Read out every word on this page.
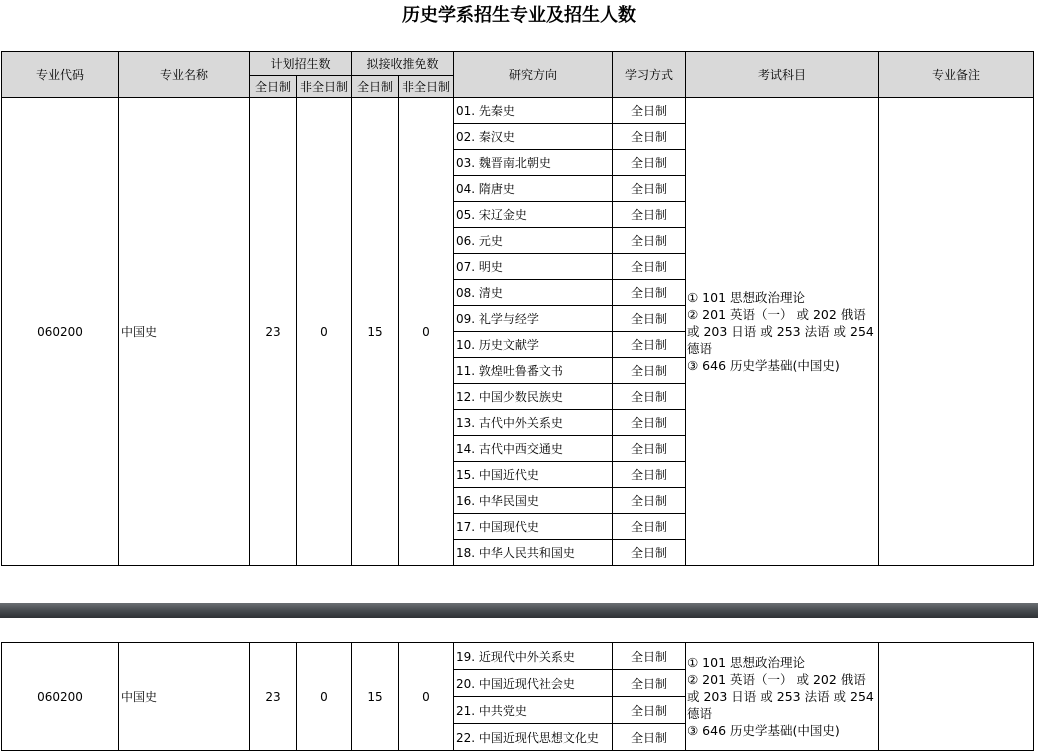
历史学系招生专业及招生人数
专业代码	专业名称	计划招生数		拟接收推免数		研究方向	学习方式	考试科目	专业备注
		全日制	非全日制	全日制	非全日制				
060200	中国史	23	0	15	0	01. 先秦史	全日制	① 101 思想政治理论
② 201 英语（一） 或 202 俄语 或 203 日语 或 253 法语 或 254 德语
③ 646 历史学基础(中国史)	

						02. 秦汉史	全日制		
						03. 魏晋南北朝史	全日制		
						04. 隋唐史	全日制		
						05. 宋辽金史	全日制		
						06. 元史	全日制		
						07. 明史	全日制		
						08. 清史	全日制		
						09. 礼学与经学	全日制		
						10. 历史文献学	全日制		
						11. 敦煌吐鲁番文书	全日制		
						12. 中国少数民族史	全日制		
						13. 古代中外关系史	全日制		
						14. 古代中西交通史	全日制		
						15. 中国近代史	全日制		
						16. 中华民国史	全日制		
						17. 中国现代史	全日制		
						18. 中华人民共和国史	全日制		
060200	中国史	23	0	15	0	19. 近现代中外关系史	全日制	① 101 思想政治理论
② 201 英语（一） 或 202 俄语 或 203 日语 或 253 法语 或 254 德语
③ 646 历史学基础(中国史)	

						20. 中国近现代社会史	全日制		
						21. 中共党史	全日制		
						22. 中国近现代思想文化史	全日制		
